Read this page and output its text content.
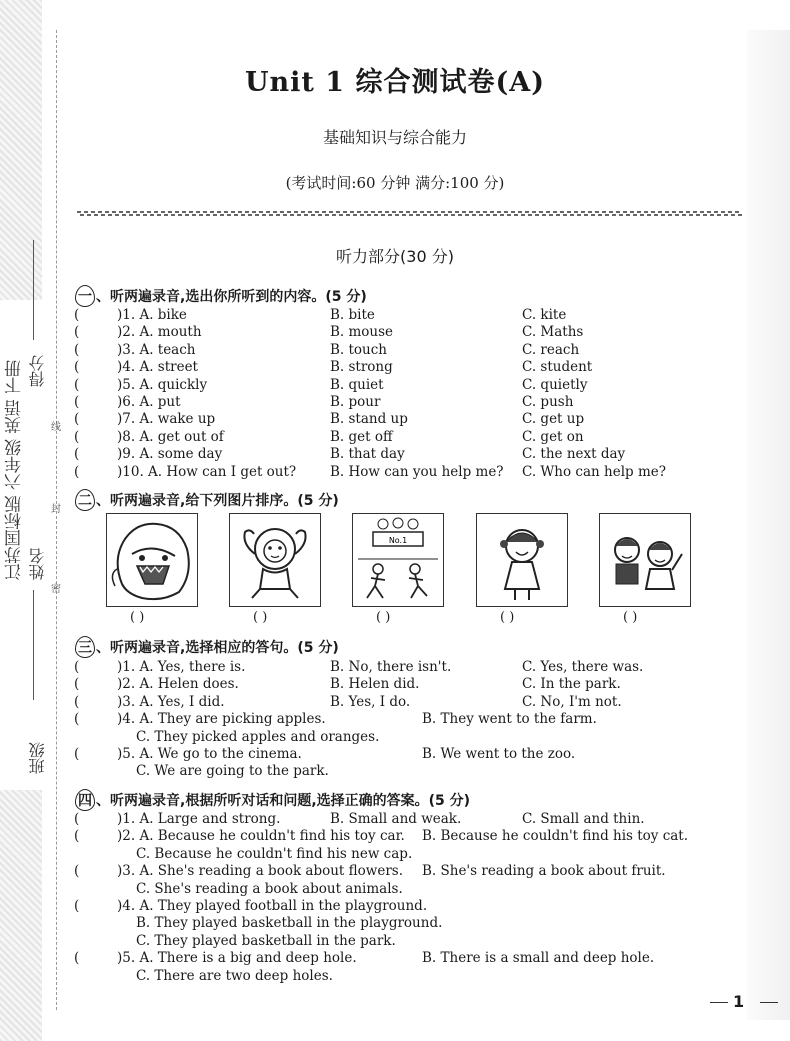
江苏国标版 六年级 英语 下册 得分
姓名
班级
线
封
密
Unit 1 综合测试卷(A)
基础知识与综合能力
(考试时间:60 分钟 满分:100 分)
听力部分(30 分)
一 、听两遍录音,选出你所听到的内容。(5 分)
(	)1. A. bike	B. bite	C. kite
(	)2. A. mouth	B. mouse	C. Maths
(	)3. A. teach	B. touch	C. reach
(	)4. A. street	B. strong	C. student
(	)5. A. quickly	B. quiet	C. quietly
(	)6. A. put	B. pour	C. push
(	)7. A. wake up	B. stand up	C. get up
(	)8. A. get out of	B. get off	C. get on
(	)9. A. some day	B. that day	C. the next day
(	)10. A. How can I get out?	B. How can you help me? C. Who can help me?
二 、听两遍录音,给下列图片排序。(5 分)
No.1
( )	( )	( )	( )	( )
三 、听两遍录音,选择相应的答句。(5 分)
(	)1. A. Yes, there is.	B. No, there isn't.	C. Yes, there was.
(	)2. A. Helen does.	B. Helen did.	C. In the park.
(	)3. A. Yes, I did.	B. Yes, I do.	C. No, I'm not.
(	)4. A. They are picking apples.	B. They went to the farm.
C. They picked apples and oranges.
(	)5. A. We go to the cinema.	B. We went to the zoo.
C. We are going to the park.
四 、听两遍录音,根据所听对话和问题,选择正确的答案。(5 分)
(	)1. A. Large and strong.	B. Small and weak.	C. Small and thin.
(	)2. A. Because he couldn't find his toy car. B. Because he couldn't find his toy cat.
C. Because he couldn't find his new cap.
(	)3. A. She's reading a book about flowers. B. She's reading a book about fruit.
C. She's reading a book about animals.
(	)4. A. They played football in the playground.
B. They played basketball in the playground.
C. They played basketball in the park.
(	)5. A. There is a big and deep hole.	B. There is a small and deep hole.
C. There are two deep holes.
1
